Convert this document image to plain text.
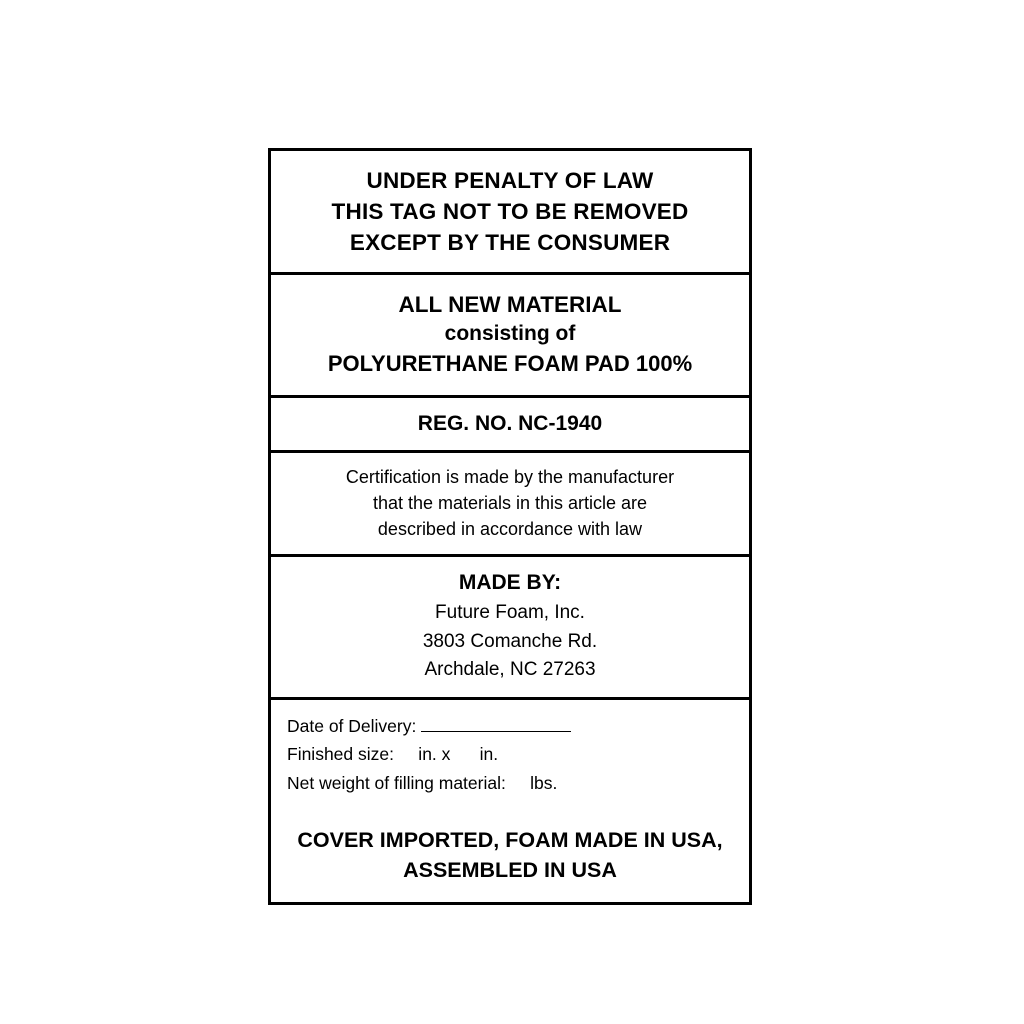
UNDER PENALTY OF LAW
THIS TAG NOT TO BE REMOVED
EXCEPT BY THE CONSUMER
ALL NEW MATERIAL
consisting of
POLYURETHANE FOAM PAD 100%
REG. NO. NC-1940
Certification is made by the manufacturer
that the materials in this article are
described in accordance with law
MADE BY:
Future Foam, Inc.
3803 Comanche Rd.
Archdale, NC 27263
Date of Delivery:
Finished size:     in. x      in.
Net weight of filling material:     lbs.
COVER IMPORTED, FOAM MADE IN USA,
ASSEMBLED IN USA
